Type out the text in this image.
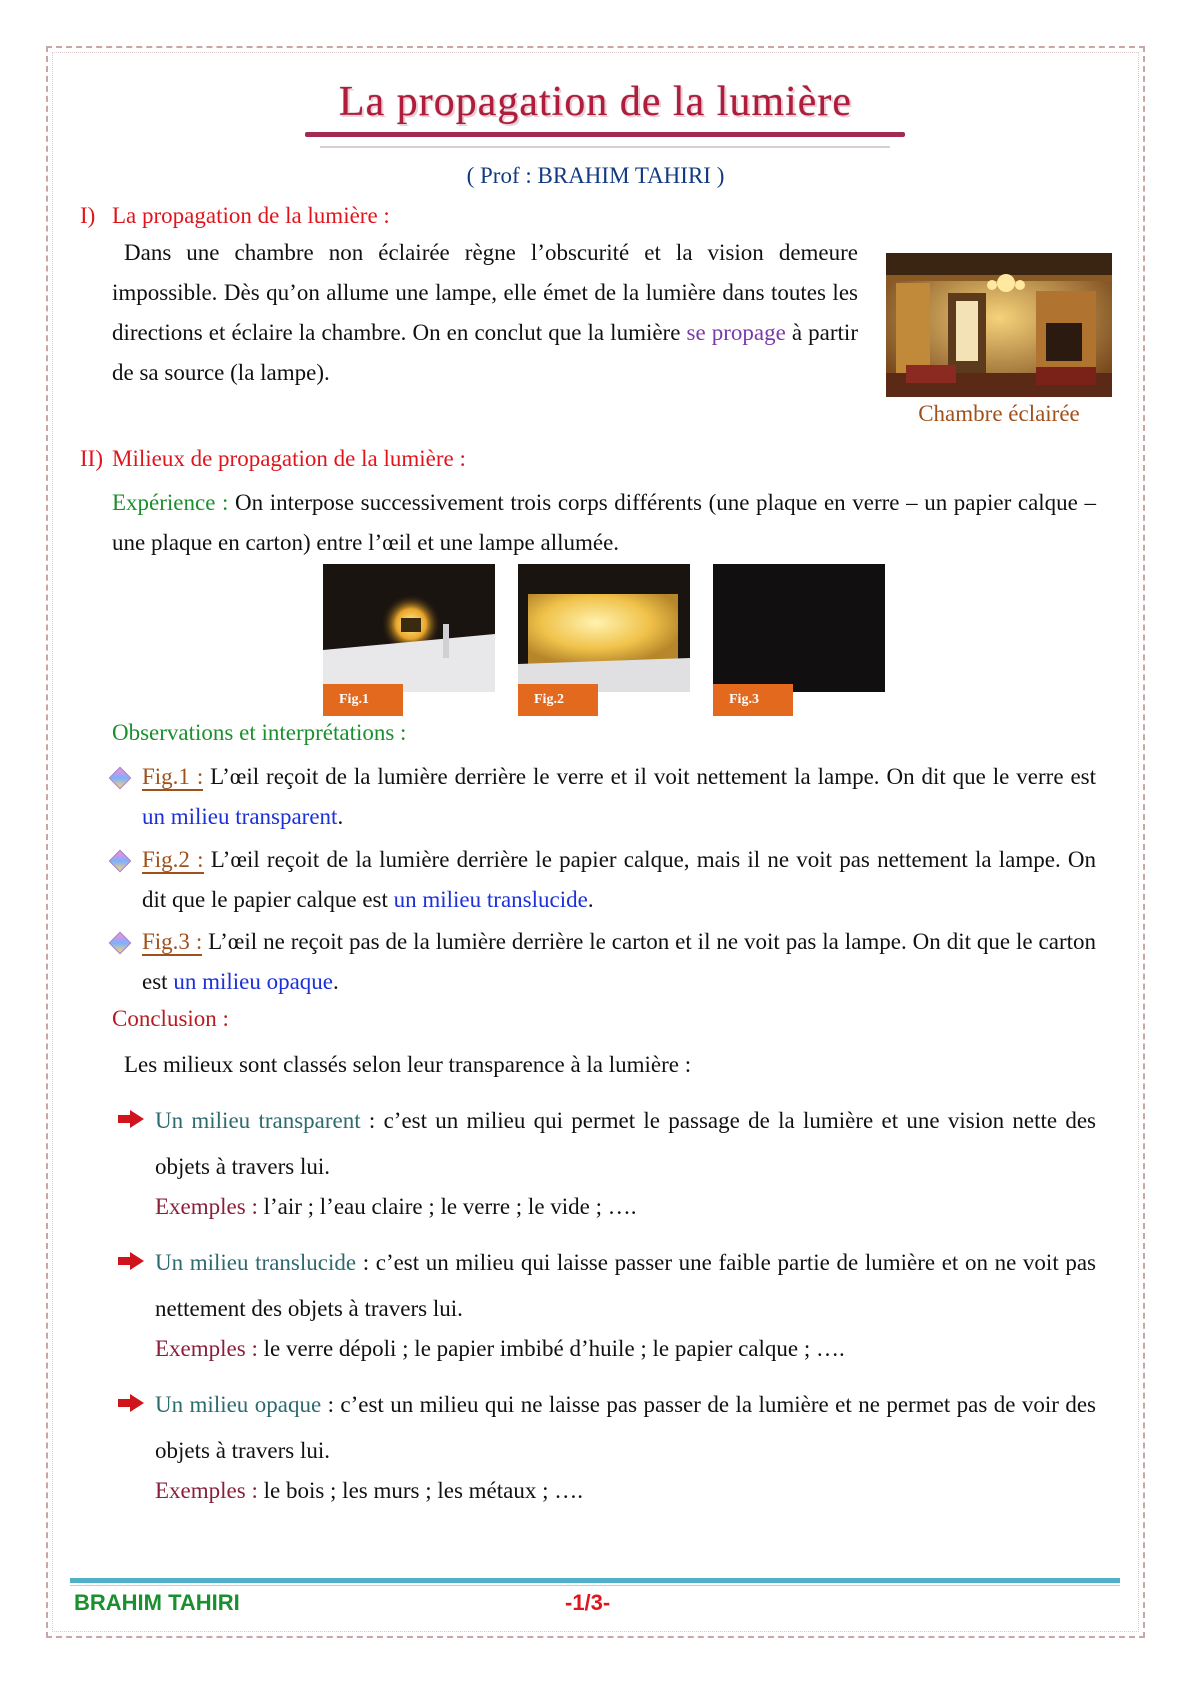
La propagation de la lumière
( Prof : BRAHIM TAHIRI )
I) La propagation de la lumière :
Dans une chambre non éclairée règne l’obscurité et la vision demeure impossible. Dès qu’on allume une lampe, elle émet de la lumière dans toutes les directions et éclaire la chambre. On en conclut que la lumière se propage à partir de sa source (la lampe).
Chambre éclairée
II) Milieux de propagation de la lumière :
Expérience : On interpose successivement trois corps différents (une plaque en verre – un papier calque – une plaque en carton) entre l’œil et une lampe allumée.
Fig.1	Fig.2	Fig.3
Observations et interprétations :
Fig.1 : L’œil reçoit de la lumière derrière le verre et il voit nettement la lampe. On dit que le verre est un milieu transparent.
Fig.2 : L’œil reçoit de la lumière derrière le papier calque, mais il ne voit pas nettement la lampe. On dit que le papier calque est un milieu translucide.
Fig.3 : L’œil ne reçoit pas de la lumière derrière le carton et il ne voit pas la lampe. On dit que le carton est un milieu opaque.
Conclusion :
Les milieux sont classés selon leur transparence à la lumière :
Un milieu transparent : c’est un milieu qui permet le passage de la lumière et une vision nette des objets à travers lui.
Exemples : l’air ; l’eau claire ; le verre ; le vide ; ….
Un milieu translucide : c’est un milieu qui laisse passer une faible partie de lumière et on ne voit pas nettement des objets à travers lui.
Exemples : le verre dépoli ; le papier imbibé d’huile ; le papier calque ; ….
Un milieu opaque : c’est un milieu qui ne laisse pas passer de la lumière et ne permet pas de voir des objets à travers lui.
Exemples : le bois ; les murs ; les métaux ; ….
BRAHIM TAHIRI	-1/3-
